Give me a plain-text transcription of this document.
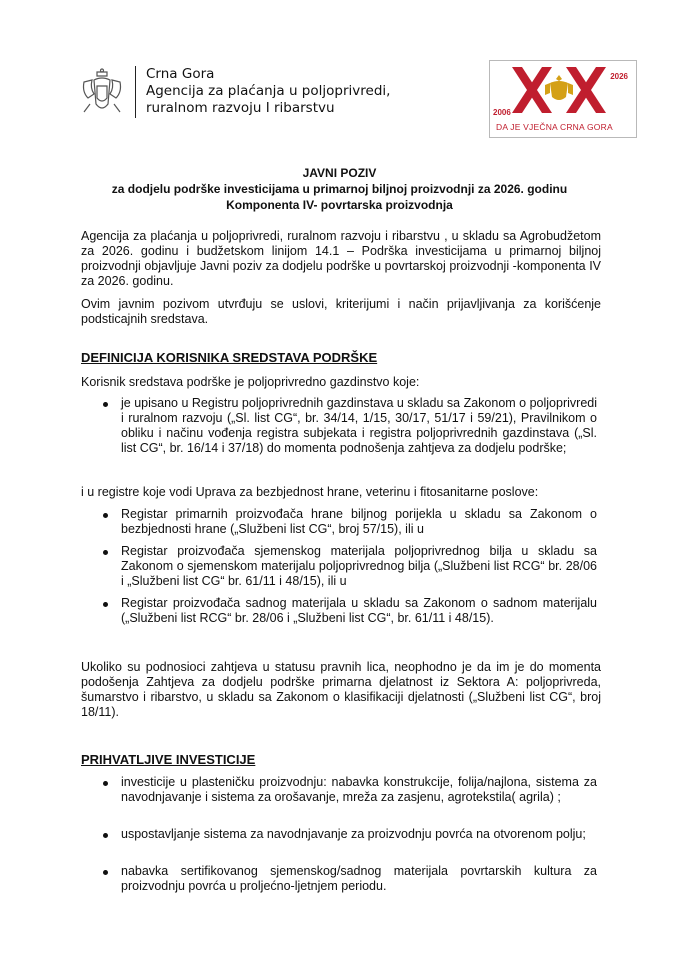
Crna Gora
Agencija za plaćanja u poljoprivredi,
ruralnom razvoju I ribarstvu	2006
2026
DA JE VJEČNA CRNA GORA
JAVNI POZIV
za dodjelu podrške investicijama u primarnoj biljnoj proizvodnji za 2026. godinu
Komponenta IV- povrtarska proizvodnja
Agencija za plaćanja u poljoprivredi, ruralnom razvoju i ribarstvu , u skladu sa Agrobudžetom za 2026. godinu i budžetskom linijom 14.1 – Podrška investicijama u primarnoj biljnoj proizvodnji objavljuje Javni poziv za dodjelu podrške u povrtarskoj proizvodnji -komponenta IV za 2026. godinu.
Ovim javnim pozivom utvrđuju se uslovi, kriterijumi i način prijavljivanja za korišćenje podsticajnih sredstava.
DEFINICIJA KORISNIKA SREDSTAVA PODRŠKE
Korisnik sredstava podrške je poljoprivredno gazdinstvo koje:
je upisano u Registru poljoprivrednih gazdinstava u skladu sa Zakonom o poljoprivredi i ruralnom razvoju („Sl. list CG“, br. 34/14, 1/15, 30/17, 51/17 i 59/21), Pravilnikom o obliku i načinu vođenja registra subjekata i registra poljoprivrednih gazdinstava („Sl. list CG“, br. 16/14 i 37/18) do momenta podnošenja zahtjeva za dodjelu podrške;
i u registre koje vodi Uprava za bezbjednost hrane, veterinu i fitosanitarne poslove:
Registar primarnih proizvođača hrane biljnog porijekla u skladu sa Zakonom o bezbjednosti hrane („Službeni list CG“, broj 57/15), ili u
Registar proizvođača sjemenskog materijala poljoprivrednog bilja u skladu sa Zakonom o sjemenskom materijalu poljoprivrednog bilja („Službeni list RCG“ br. 28/06 i „Službeni list CG“ br. 61/11 i 48/15), ili u
Registar proizvođača sadnog materijala u skladu sa Zakonom o sadnom materijalu („Službeni list RCG“ br. 28/06 i „Službeni list CG“, br. 61/11 i 48/15).
Ukoliko su podnosioci zahtjeva u statusu pravnih lica, neophodno je da im je do momenta podošenja Zahtjeva za dodjelu podrške primarna djelatnost iz Sektora A: poljoprivreda, šumarstvo i ribarstvo, u skladu sa Zakonom o klasifikaciji djelatnosti („Službeni list CG“, broj 18/11).
PRIHVATLJIVE INVESTICIJE
investicije u plasteničku proizvodnju: nabavka konstrukcije, folija/najlona, sistema za navodnjavanje i sistema za orošavanje, mreža za zasjenu, agrotekstila( agrila) ;
uspostavljanje sistema za navodnjavanje za proizvodnju povrća na otvorenom polju;
nabavka sertifikovanog sjemenskog/sadnog materijala povrtarskih kultura za proizvodnju povrća u proljećno-ljetnjem periodu.
